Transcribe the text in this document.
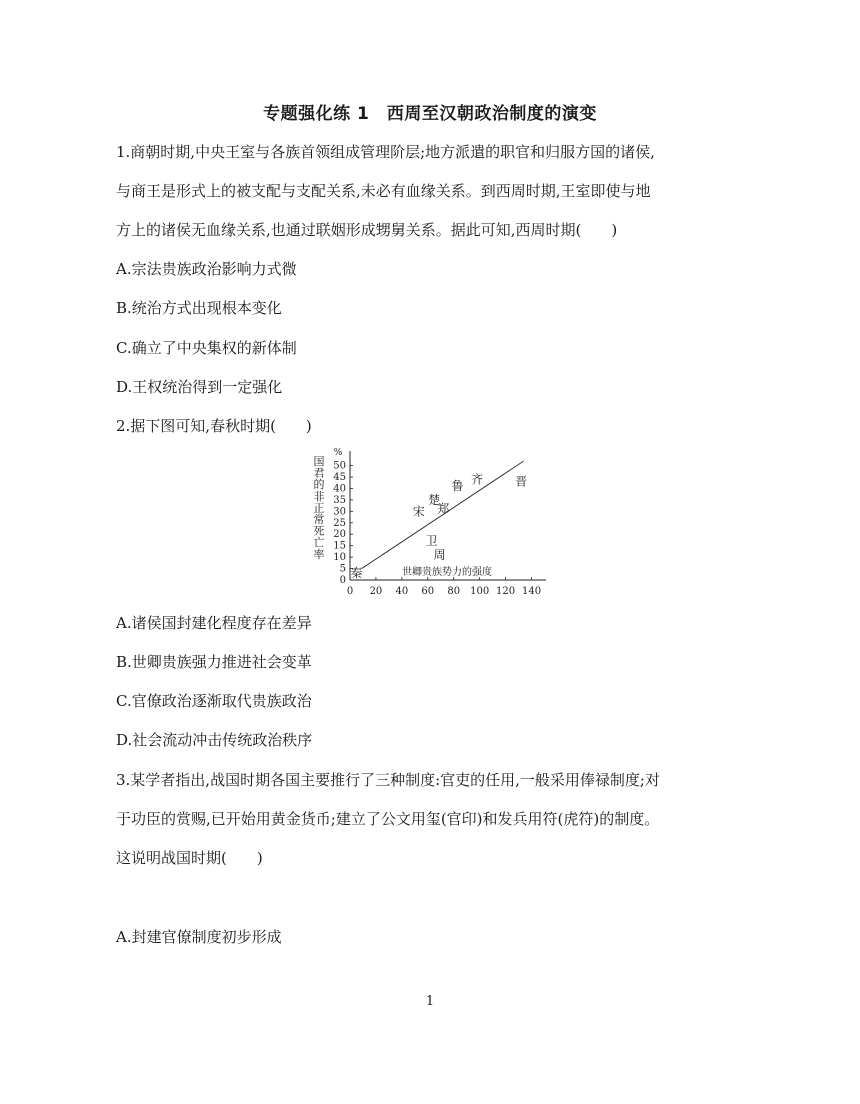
专题强化练 1　西周至汉朝政治制度的演变
1.商朝时期,中央王室与各族首领组成管理阶层;地方派遣的职官和归服方国的诸侯,
与商王是形式上的被支配与支配关系,未必有血缘关系。到西周时期,王室即使与地
方上的诸侯无血缘关系,也通过联姻形成甥舅关系。据此可知,西周时期(　　)
A.宗法贵族政治影响力式微
B.统治方式出现根本变化
C.确立了中央集权的新体制
D.王权统治得到一定强化
2.据下图可知,春秋时期(　　)
%
0
5
10
15
20
25
30
35
40
45
50
0 20 40 60 80 100 120 140
国
君
的
非
正
常
死
亡
率
世卿贵族势力的强度
秦
宋
楚
郑
卫
周
鲁 齐	晋
A.诸侯国封建化程度存在差异
B.世卿贵族强力推进社会变革
C.官僚政治逐渐取代贵族政治
D.社会流动冲击传统政治秩序
3.某学者指出,战国时期各国主要推行了三种制度:官吏的任用,一般采用俸禄制度;对
于功臣的赏赐,已开始用黄金货币;建立了公文用玺(官印)和发兵用符(虎符)的制度。
这说明战国时期(　　)
A.封建官僚制度初步形成
1
